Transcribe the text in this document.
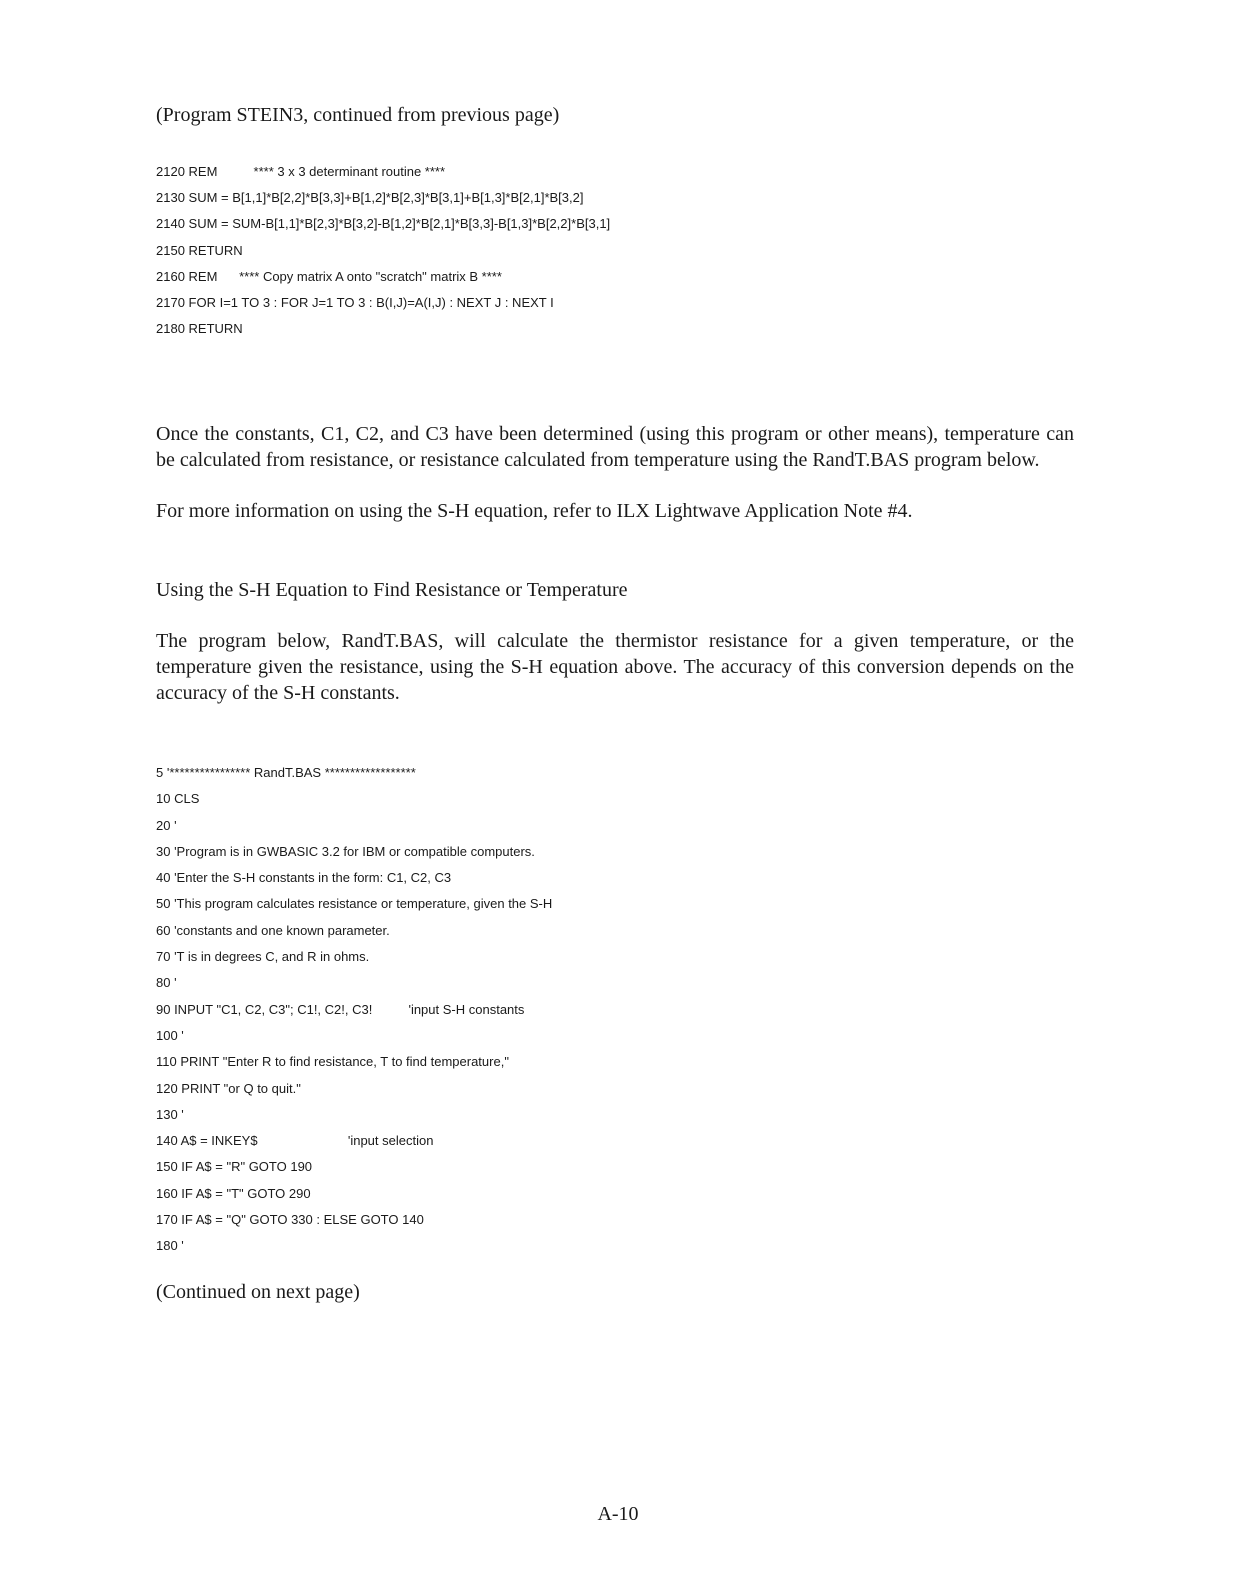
(Program STEIN3, continued from previous page)
2120 REM          **** 3 x 3 determinant routine ****
2130 SUM = B[1,1]*B[2,2]*B[3,3]+B[1,2]*B[2,3]*B[3,1]+B[1,3]*B[2,1]*B[3,2]
2140 SUM = SUM-B[1,1]*B[2,3]*B[3,2]-B[1,2]*B[2,1]*B[3,3]-B[1,3]*B[2,2]*B[3,1]
2150 RETURN
2160 REM      **** Copy matrix A onto "scratch" matrix B ****
2170 FOR I=1 TO 3 : FOR J=1 TO 3 : B(I,J)=A(I,J) : NEXT J : NEXT I
2180 RETURN

Once the constants, C1, C2, and C3 have been determined (using this program or other means), temperature can be calculated from resistance, or resistance calculated from temperature using the RandT.BAS program below.

For more information on using the S-H equation, refer to ILX Lightwave Application Note #4.

Using the S-H Equation to Find Resistance or Temperature

The program below, RandT.BAS, will calculate the thermistor resistance for a given temperature, or the temperature given the resistance, using the S-H equation above. The accuracy of this conversion depends on the accuracy of the S-H constants.

5 '**************** RandT.BAS ******************
10 CLS
20 '
30 'Program is in GWBASIC 3.2 for IBM or compatible computers.
40 'Enter the S-H constants in the form: C1, C2, C3
50 'This program calculates resistance or temperature, given the S-H
60 'constants and one known parameter.
70 'T is in degrees C, and R in ohms.
80 '
90 INPUT "C1, C2, C3"; C1!, C2!, C3!          'input S-H constants
100 '
110 PRINT "Enter R to find resistance, T to find temperature,"
120 PRINT "or Q to quit."
130 '
140 A$ = INKEY$                         'input selection
150 IF A$ = "R" GOTO 190
160 IF A$ = "T" GOTO 290
170 IF A$ = "Q" GOTO 330 : ELSE GOTO 140
180 '
(Continued on next page)
A-10
